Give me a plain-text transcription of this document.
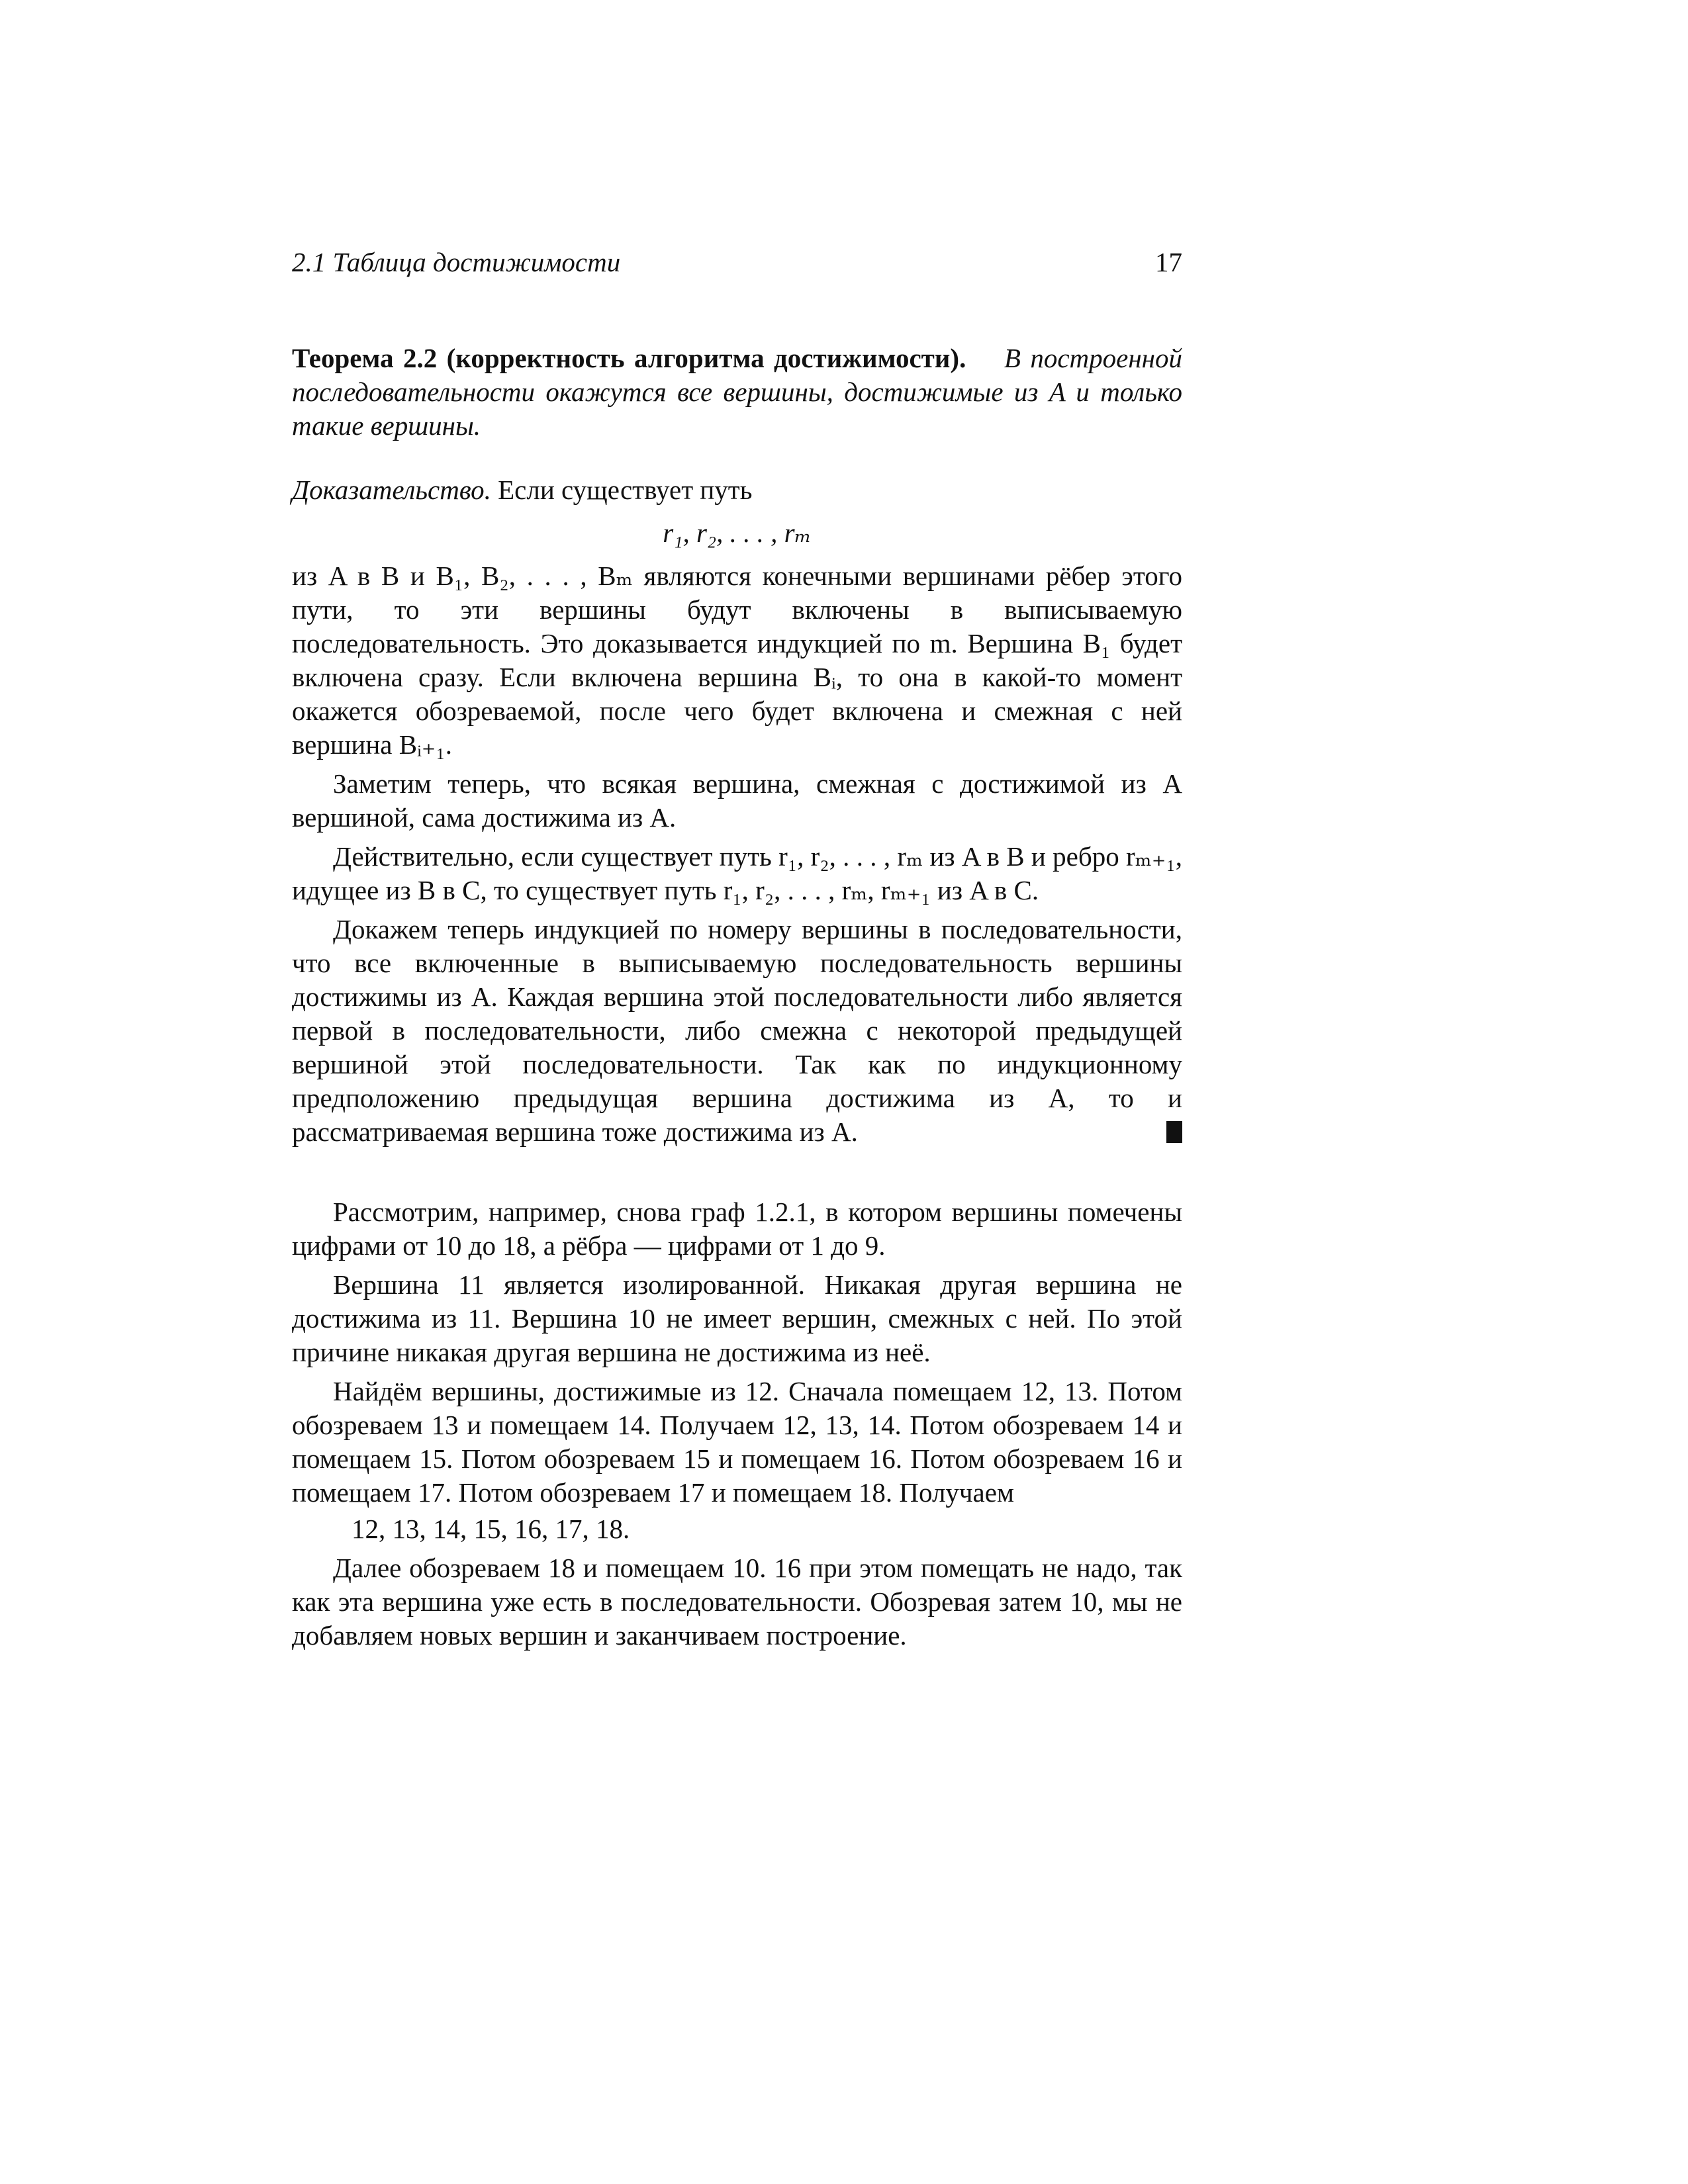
2.1 Таблица достижимости	17

Теорема 2.2 (корректность алгоритма достижимости). В построенной последовательности окажутся все вершины, достижимые из A и только такие вершины.

Доказательство. Если существует путь

r₁, r₂, . . . , rₘ

из A в B и B₁, B₂, . . . , Bₘ являются конечными вершинами рёбер этого пути, то эти вершины будут включены в выписываемую последовательность. Это доказывается индукцией по m. Вершина B₁ будет включена сразу. Если включена вершина Bᵢ, то она в какой-то момент окажется обозреваемой, после чего будет включена и смежная с ней вершина Bᵢ₊₁.

Заметим теперь, что всякая вершина, смежная с достижимой из A вершиной, сама достижима из A.

Действительно, если существует путь r₁, r₂, . . . , rₘ из A в B и ребро rₘ₊₁, идущее из B в C, то существует путь r₁, r₂, . . . , rₘ, rₘ₊₁ из A в C.

Докажем теперь индукцией по номеру вершины в последовательности, что все включенные в выписываемую последовательность вершины достижимы из A. Каждая вершина этой последовательности либо является первой в последовательности, либо смежна с некоторой предыдущей вершиной этой последовательности. Так как по индукционному предположению предыдущая вершина достижима из A, то и рассматриваемая вершина тоже достижима из A.

Рассмотрим, например, снова граф 1.2.1, в котором вершины помечены цифрами от 10 до 18, а рёбра — цифрами от 1 до 9.

Вершина 11 является изолированной. Никакая другая вершина не достижима из 11. Вершина 10 не имеет вершин, смежных с ней. По этой причине никакая другая вершина не достижима из неё.

Найдём вершины, достижимые из 12. Сначала помещаем 12, 13. Потом обозреваем 13 и помещаем 14. Получаем 12, 13, 14. Потом обозреваем 14 и помещаем 15. Потом обозреваем 15 и помещаем 16. Потом обозреваем 16 и помещаем 17. Потом обозреваем 17 и помещаем 18. Получаем

12, 13, 14, 15, 16, 17, 18.

Далее обозреваем 18 и помещаем 10. 16 при этом помещать не надо, так как эта вершина уже есть в последовательности. Обозревая затем 10, мы не добавляем новых вершин и заканчиваем построение.
